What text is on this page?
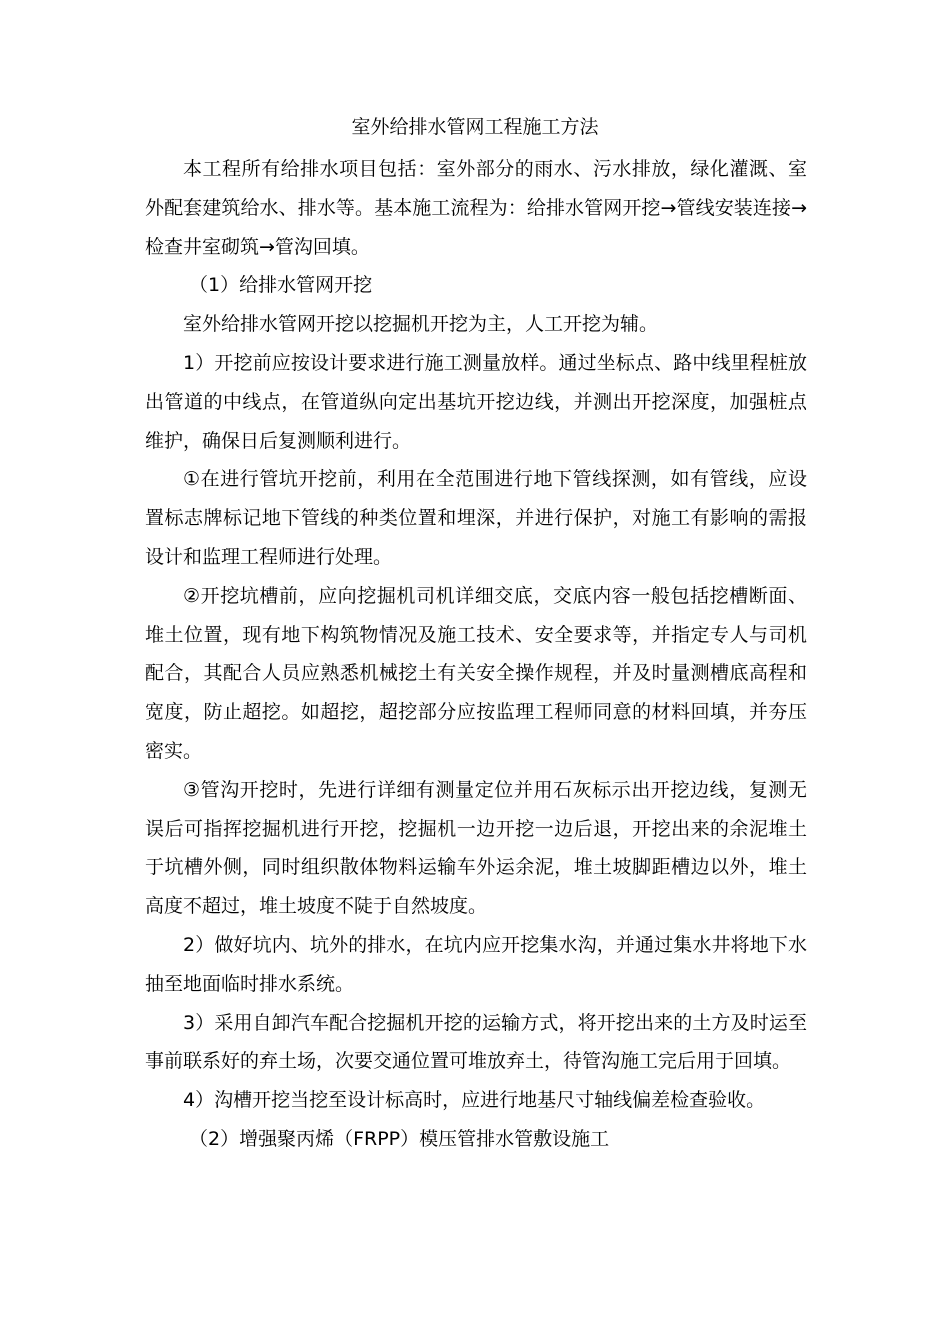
室外给排水管网工程施工方法

本工程所有给排水项目包括：室外部分的雨水、污水排放，绿化灌溉、室外配套建筑给水、排水等。基本施工流程为：给排水管网开挖→管线安装连接→检查井室砌筑→管沟回填。

（1）给排水管网开挖

室外给排水管网开挖以挖掘机开挖为主，人工开挖为辅。

1）开挖前应按设计要求进行施工测量放样。通过坐标点、路中线里程桩放出管道的中线点，在管道纵向定出基坑开挖边线，并测出开挖深度，加强桩点维护，确保日后复测顺利进行。

①在进行管坑开挖前，利用在全范围进行地下管线探测，如有管线，应设置标志牌标记地下管线的种类位置和埋深，并进行保护，对施工有影响的需报设计和监理工程师进行处理。

②开挖坑槽前，应向挖掘机司机详细交底，交底内容一般包括挖槽断面、堆土位置，现有地下构筑物情况及施工技术、安全要求等，并指定专人与司机配合，其配合人员应熟悉机械挖土有关安全操作规程，并及时量测槽底高程和宽度，防止超挖。如超挖，超挖部分应按监理工程师同意的材料回填，并夯压密实。

③管沟开挖时，先进行详细有测量定位并用石灰标示出开挖边线，复测无误后可指挥挖掘机进行开挖，挖掘机一边开挖一边后退，开挖出来的余泥堆土于坑槽外侧，同时组织散体物料运输车外运余泥，堆土坡脚距槽边以外，堆土高度不超过，堆土坡度不陡于自然坡度。

2）做好坑内、坑外的排水，在坑内应开挖集水沟，并通过集水井将地下水抽至地面临时排水系统。

3）采用自卸汽车配合挖掘机开挖的运输方式，将开挖出来的土方及时运至事前联系好的弃土场，次要交通位置可堆放弃土，待管沟施工完后用于回填。

4）沟槽开挖当挖至设计标高时，应进行地基尺寸轴线偏差检查验收。

（2）增强聚丙烯（FRPP）模压管排水管敷设施工
